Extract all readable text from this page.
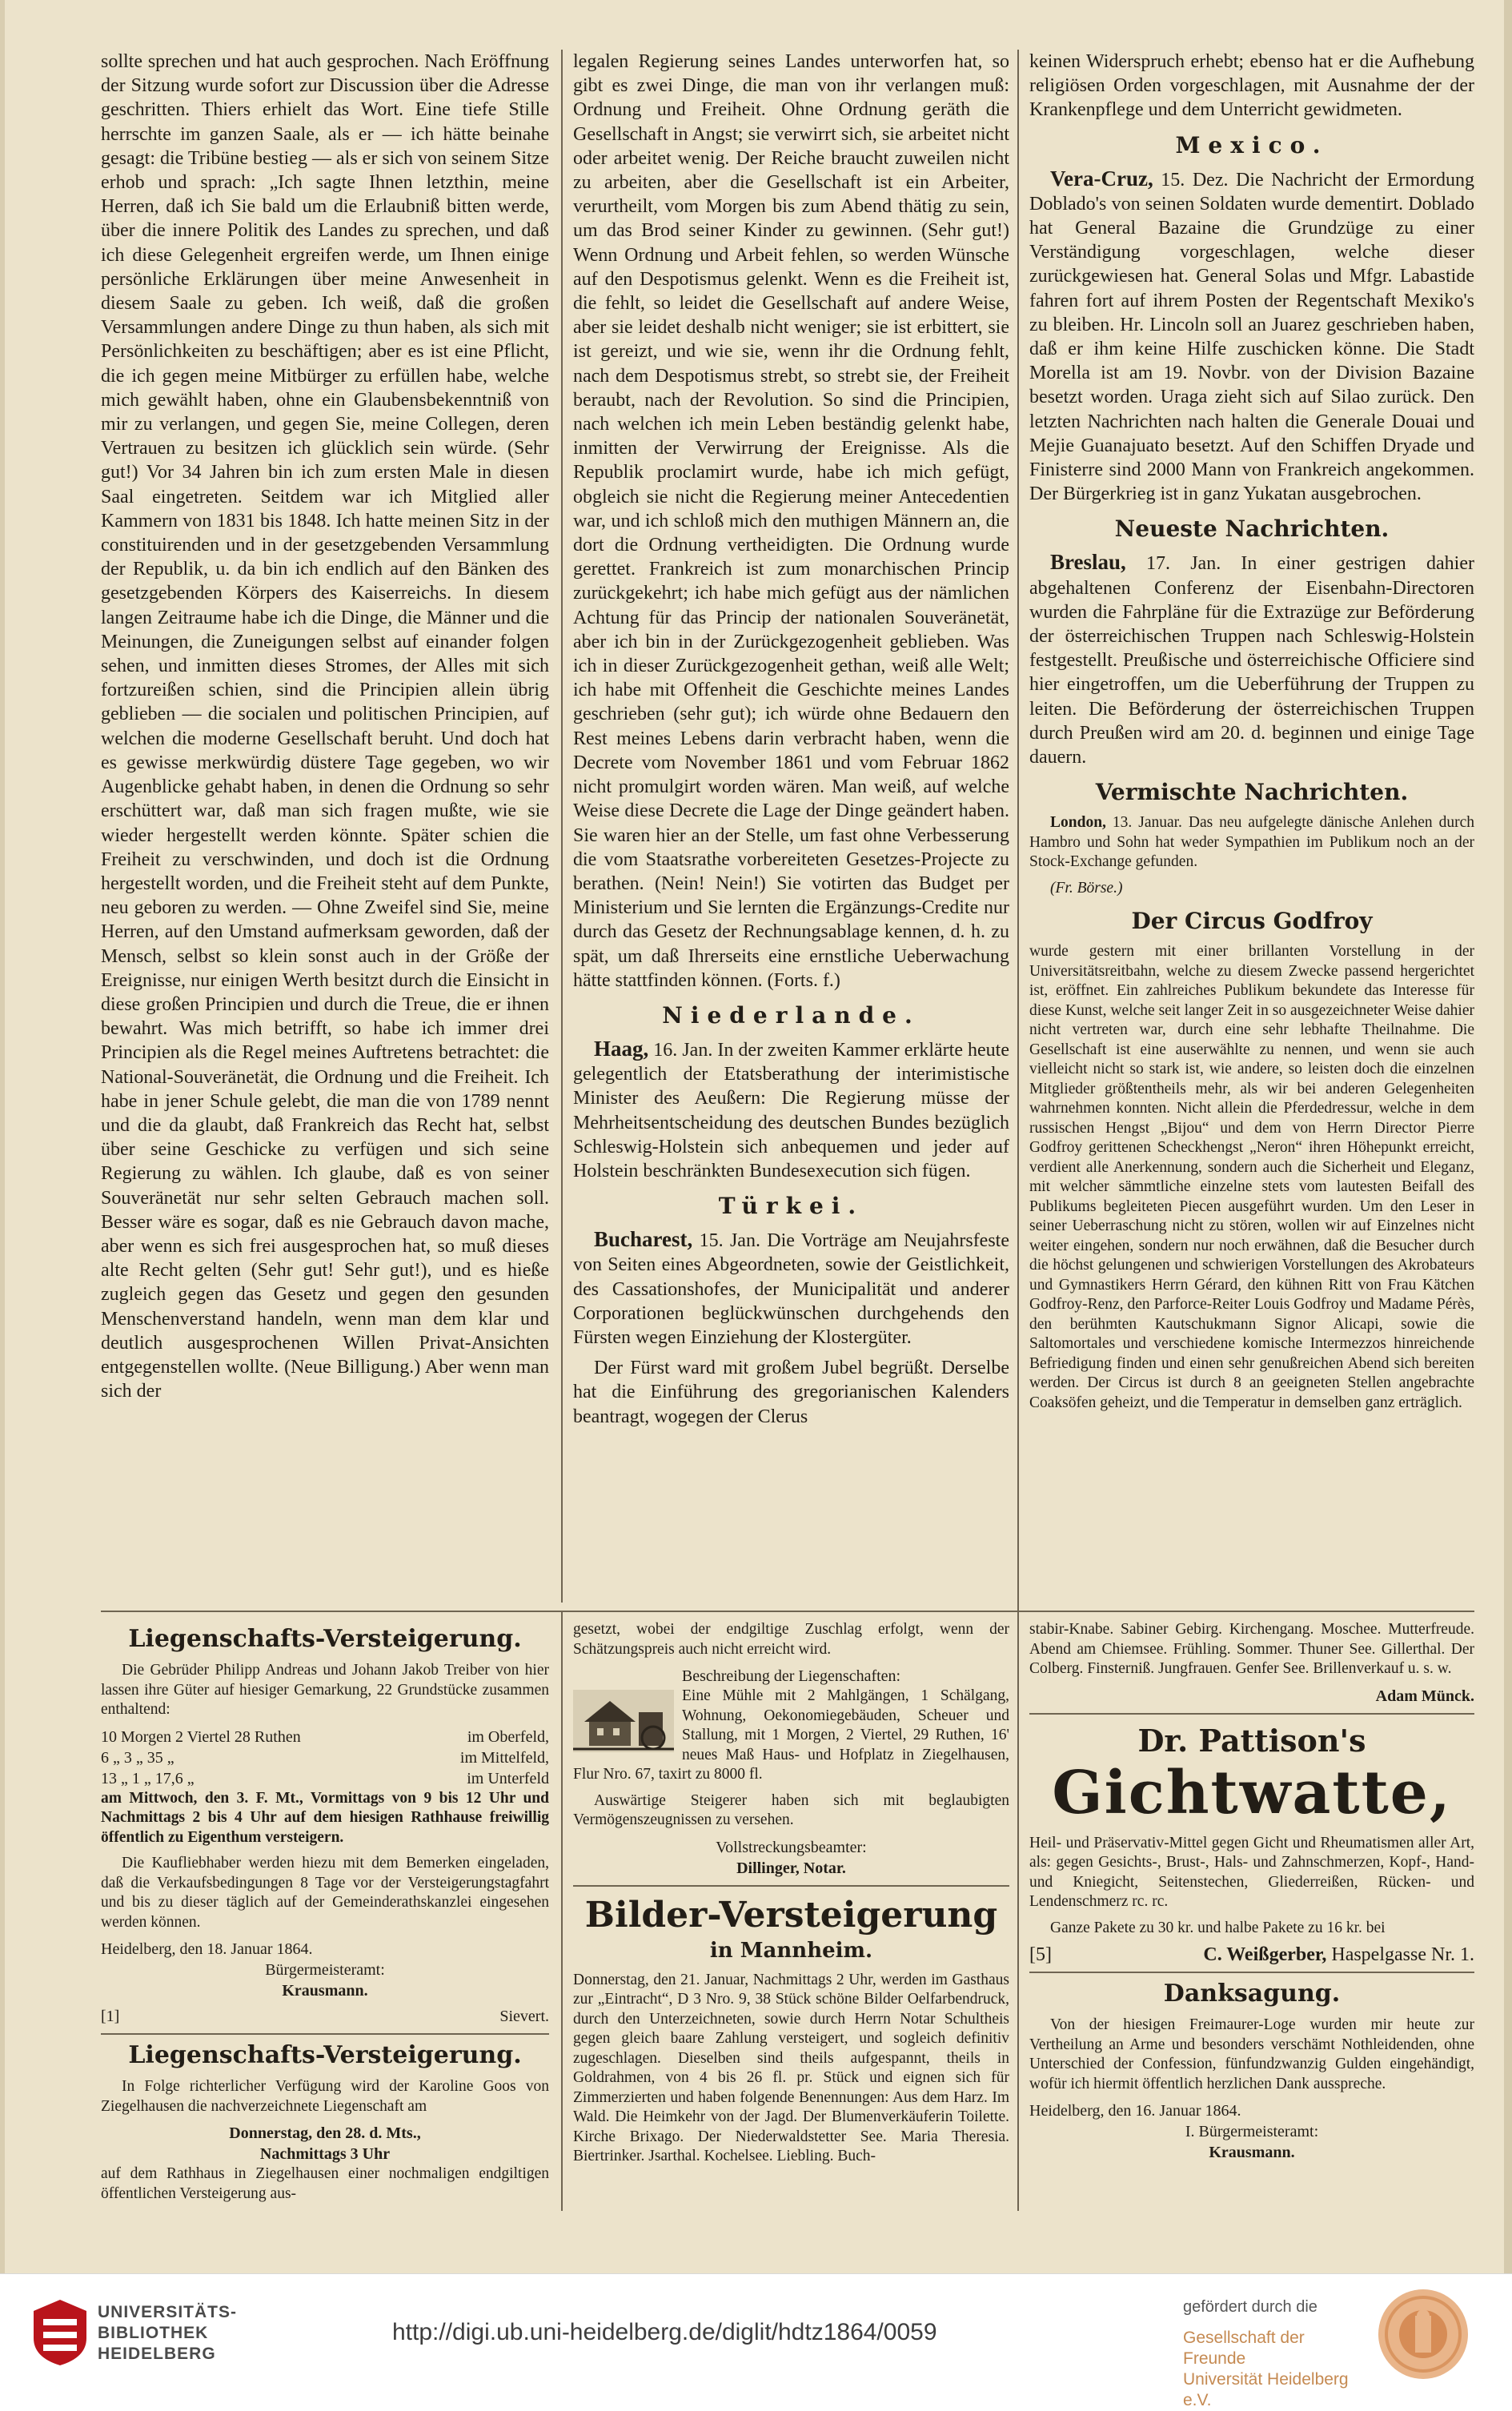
sollte sprechen und hat auch gesprochen. Nach Eröffnung der Sitzung wurde sofort zur Discussion über die Adresse geschritten. Thiers erhielt das Wort. Eine tiefe Stille herrschte im ganzen Saale, als er — ich hätte beinahe gesagt: die Tribüne bestieg — als er sich von seinem Sitze erhob und sprach: „Ich sagte Ihnen letzthin, meine Herren, daß ich Sie bald um die Erlaubniß bitten werde, über die innere Politik des Landes zu sprechen, und daß ich diese Gelegenheit ergreifen werde, um Ihnen einige persönliche Erklärungen über meine Anwesenheit in diesem Saale zu geben. Ich weiß, daß die großen Versammlungen andere Dinge zu thun haben, als sich mit Persönlichkeiten zu beschäftigen; aber es ist eine Pflicht, die ich gegen meine Mitbürger zu erfüllen habe, welche mich gewählt haben, ohne ein Glaubensbekenntniß von mir zu verlangen, und gegen Sie, meine Collegen, deren Vertrauen zu besitzen ich glücklich sein würde. (Sehr gut!) Vor 34 Jahren bin ich zum ersten Male in diesen Saal eingetreten. Seitdem war ich Mitglied aller Kammern von 1831 bis 1848. Ich hatte meinen Sitz in der constituirenden und in der gesetzgebenden Versammlung der Republik, u. da bin ich endlich auf den Bänken des gesetzgebenden Körpers des Kaiserreichs. In diesem langen Zeitraume habe ich die Dinge, die Männer und die Meinungen, die Zuneigungen selbst auf einander folgen sehen, und inmitten dieses Stromes, der Alles mit sich fortzureißen schien, sind die Principien allein übrig geblieben — die socialen und politischen Principien, auf welchen die moderne Gesellschaft beruht. Und doch hat es gewisse merkwürdig düstere Tage gegeben, wo wir Augenblicke gehabt haben, in denen die Ordnung so sehr erschüttert war, daß man sich fragen mußte, wie sie wieder hergestellt werden könnte. Später schien die Freiheit zu verschwinden, und doch ist die Ordnung hergestellt worden, und die Freiheit steht auf dem Punkte, neu geboren zu werden. — Ohne Zweifel sind Sie, meine Herren, auf den Umstand aufmerksam geworden, daß der Mensch, selbst so klein sonst auch in der Größe der Ereignisse, nur einigen Werth besitzt durch die Einsicht in diese großen Principien und durch die Treue, die er ihnen bewahrt. Was mich betrifft, so habe ich immer drei Principien als die Regel meines Auftretens betrachtet: die National-Souveränetät, die Ordnung und die Freiheit. Ich habe in jener Schule gelebt, die man die von 1789 nennt und die da glaubt, daß Frankreich das Recht hat, selbst über seine Geschicke zu verfügen und sich seine Regierung zu wählen. Ich glaube, daß es von seiner Souveränetät nur sehr selten Gebrauch machen soll. Besser wäre es sogar, daß es nie Gebrauch davon mache, aber wenn es sich frei ausgesprochen hat, so muß dieses alte Recht gelten (Sehr gut! Sehr gut!), und es hieße zugleich gegen das Gesetz und gegen den gesunden Menschenverstand handeln, wenn man dem klar und deutlich ausgesprochenen Willen Privat-Ansichten entgegenstellen wollte. (Neue Billigung.) Aber wenn man sich der

legalen Regierung seines Landes unterworfen hat, so gibt es zwei Dinge, die man von ihr verlangen muß: Ordnung und Freiheit. Ohne Ordnung geräth die Gesellschaft in Angst; sie verwirrt sich, sie arbeitet nicht oder arbeitet wenig. Der Reiche braucht zuweilen nicht zu arbeiten, aber die Gesellschaft ist ein Arbeiter, verurtheilt, vom Morgen bis zum Abend thätig zu sein, um das Brod seiner Kinder zu gewinnen. (Sehr gut!) Wenn Ordnung und Arbeit fehlen, so werden Wünsche auf den Despotismus gelenkt. Wenn es die Freiheit ist, die fehlt, so leidet die Gesellschaft auf andere Weise, aber sie leidet deshalb nicht weniger; sie ist erbittert, sie ist gereizt, und wie sie, wenn ihr die Ordnung fehlt, nach dem Despotismus strebt, so strebt sie, der Freiheit beraubt, nach der Revolution. So sind die Principien, nach welchen ich mein Leben beständig gelenkt habe, inmitten der Verwirrung der Ereignisse. Als die Republik proclamirt wurde, habe ich mich gefügt, obgleich sie nicht die Regierung meiner Antecedentien war, und ich schloß mich den muthigen Männern an, die dort die Ordnung vertheidigten. Die Ordnung wurde gerettet. Frankreich ist zum monarchischen Princip zurückgekehrt; ich habe mich gefügt aus der nämlichen Achtung für das Princip der nationalen Souveränetät, aber ich bin in der Zurückgezogenheit geblieben. Was ich in dieser Zurückgezogenheit gethan, weiß alle Welt; ich habe mit Offenheit die Geschichte meines Landes geschrieben (sehr gut); ich würde ohne Bedauern den Rest meines Lebens darin verbracht haben, wenn die Decrete vom November 1861 und vom Februar 1862 nicht promulgirt worden wären. Man weiß, auf welche Weise diese Decrete die Lage der Dinge geändert haben. Sie waren hier an der Stelle, um fast ohne Verbesserung die vom Staatsrathe vorbereiteten Gesetzes-Projecte zu berathen. (Nein! Nein!) Sie votirten das Budget per Ministerium und Sie lernten die Ergänzungs-Credite nur durch das Gesetz der Rechnungsablage kennen, d. h. zu spät, um daß Ihrerseits eine ernstliche Ueberwachung hätte stattfinden können. (Forts. f.)

Niederlande.

Haag, 16. Jan. In der zweiten Kammer erklärte heute gelegentlich der Etatsberathung der interimistische Minister des Aeußern: Die Regierung müsse der Mehrheitsentscheidung des deutschen Bundes bezüglich Schleswig-Holstein sich anbequemen und jeder auf Holstein beschränkten Bundesexecution sich fügen.

Türkei.

Bucharest, 15. Jan. Die Vorträge am Neujahrsfeste von Seiten eines Abgeordneten, sowie der Geistlichkeit, des Cassationshofes, der Municipalität und anderer Corporationen beglückwünschen durchgehends den Fürsten wegen Einziehung der Klostergüter.

Der Fürst ward mit großem Jubel begrüßt. Derselbe hat die Einführung des gregorianischen Kalenders beantragt, wogegen der Clerus

keinen Widerspruch erhebt; ebenso hat er die Aufhebung religiösen Orden vorgeschlagen, mit Ausnahme der der Krankenpflege und dem Unterricht gewidmeten.

Mexico.

Vera-Cruz, 15. Dez. Die Nachricht der Ermordung Doblado's von seinen Soldaten wurde dementirt. Doblado hat General Bazaine die Grundzüge zu einer Verständigung vorgeschlagen, welche dieser zurückgewiesen hat. General Solas und Mfgr. Labastide fahren fort auf ihrem Posten der Regentschaft Mexiko's zu bleiben. Hr. Lincoln soll an Juarez geschrieben haben, daß er ihm keine Hilfe zuschicken könne. Die Stadt Morella ist am 19. Novbr. von der Division Bazaine besetzt worden. Uraga zieht sich auf Silao zurück. Den letzten Nachrichten nach halten die Generale Douai und Mejie Guanajuato besetzt. Auf den Schiffen Dryade und Finisterre sind 2000 Mann von Frankreich angekommen. Der Bürgerkrieg ist in ganz Yukatan ausgebrochen.

Neueste Nachrichten.

Breslau, 17. Jan. In einer gestrigen dahier abgehaltenen Conferenz der Eisenbahn-Directoren wurden die Fahrpläne für die Extrazüge zur Beförderung der österreichischen Truppen nach Schleswig-Holstein festgestellt. Preußische und österreichische Officiere sind hier eingetroffen, um die Ueberführung der Truppen zu leiten. Die Beförderung der österreichischen Truppen durch Preußen wird am 20. d. beginnen und einige Tage dauern.

Vermischte Nachrichten.

London, 13. Januar. Das neu aufgelegte dänische Anlehen durch Hambro und Sohn hat weder Sympathien im Publikum noch an der Stock-Exchange gefunden.

(Fr. Börse.)

Der Circus Godfroy

wurde gestern mit einer brillanten Vorstellung in der Universitätsreitbahn, welche zu diesem Zwecke passend hergerichtet ist, eröffnet. Ein zahlreiches Publikum bekundete das Interesse für diese Kunst, welche seit langer Zeit in so ausgezeichneter Weise dahier nicht vertreten war, durch eine sehr lebhafte Theilnahme. Die Gesellschaft ist eine auserwählte zu nennen, und wenn sie auch vielleicht nicht so stark ist, wie andere, so leisten doch die einzelnen Mitglieder größtentheils mehr, als wir bei anderen Gelegenheiten wahrnehmen konnten. Nicht allein die Pferdedressur, welche in dem russischen Hengst „Bijou“ und dem von Herrn Director Pierre Godfroy gerittenen Scheckhengst „Neron“ ihren Höhepunkt erreicht, verdient alle Anerkennung, sondern auch die Sicherheit und Eleganz, mit welcher sämmtliche einzelne stets vom lautesten Beifall des Publikums begleiteten Piecen ausgeführt wurden. Um den Leser in seiner Ueberraschung nicht zu stören, wollen wir auf Einzelnes nicht weiter eingehen, sondern nur noch erwähnen, daß die Besucher durch die höchst gelungenen und schwierigen Vorstellungen des Akrobateurs und Gymnastikers Herrn Gérard, den kühnen Ritt von Frau Kätchen Godfroy-Renz, den Parforce-Reiter Louis Godfroy und Madame Pérès, den berühmten Kautschukmann Signor Alicapi, sowie die Saltomortales und verschiedene komische Intermezzos hinreichende Befriedigung finden und einen sehr genußreichen Abend sich bereiten werden. Der Circus ist durch 8 an geeigneten Stellen angebrachte Coaksöfen geheizt, und die Temperatur in demselben ganz erträglich.

Liegenschafts-Versteigerung.

Die Gebrüder Philipp Andreas und Johann Jakob Treiber von hier lassen ihre Güter auf hiesiger Gemarkung, 22 Grundstücke zusammen enthaltend:

10 Morgen 2 Viertel 28 Ruthen	im Oberfeld,
6 „ 3 „ 35 „	im Mittelfeld,
13 „ 1 „ 17,6 „	im Unterfeld

am Mittwoch, den 3. F. Mt., Vormittags von 9 bis 12 Uhr und Nachmittags 2 bis 4 Uhr auf dem hiesigen Rathhause freiwillig öffentlich zu Eigenthum versteigern.

Die Kaufliebhaber werden hiezu mit dem Bemerken eingeladen, daß die Verkaufsbedingungen 8 Tage vor der Versteigerungstagfahrt und bis zu dieser täglich auf der Gemeinderathskanzlei eingesehen werden können.

Heidelberg, den 18. Januar 1864.
Bürgermeisteramt:
Krausmann.
[1]	Sievert.
Liegenschafts-Versteigerung.

In Folge richterlicher Verfügung wird der Karoline Goos von Ziegelhausen die nachverzeichnete Liegenschaft am

Donnerstag, den 28. d. Mts.,
Nachmittags 3 Uhr

auf dem Rathhaus in Ziegelhausen einer nochmaligen endgiltigen öffentlichen Versteigerung aus-

gesetzt, wobei der endgiltige Zuschlag erfolgt, wenn der Schätzungspreis auch nicht erreicht wird.

Beschreibung der Liegenschaften:

Eine Mühle mit 2 Mahlgängen, 1 Schälgang, Wohnung, Oekonomiegebäuden, Scheuer und Stallung, mit 1 Morgen, 2 Viertel, 29 Ruthen, 16' neues Maß Haus- und Hofplatz in Ziegelhausen, Flur Nro. 67, taxirt zu 8000 fl.

Auswärtige Steigerer haben sich mit beglaubigten Vermögenszeugnissen zu versehen.

Vollstreckungsbeamter:
Dillinger, Notar.
Bilder-Versteigerung
in Mannheim.

Donnerstag, den 21. Januar, Nachmittags 2 Uhr, werden im Gasthaus zur „Eintracht“, D 3 Nro. 9, 38 Stück schöne Bilder Oelfarbendruck, durch den Unterzeichneten, sowie durch Herrn Notar Schultheis gegen gleich baare Zahlung versteigert, und sogleich definitiv zugeschlagen. Dieselben sind theils aufgespannt, theils in Goldrahmen, von 4 bis 26 fl. pr. Stück und eignen sich für Zimmerzierten und haben folgende Benennungen: Aus dem Harz. Im Wald. Die Heimkehr von der Jagd. Der Blumenverkäuferin Toilette. Kirche Brixago. Der Niederwaldstetter See. Maria Theresia. Biertrinker. Jsarthal. Kochelsee. Liebling. Buch-

stabir-Knabe. Sabiner Gebirg. Kirchengang. Moschee. Mutterfreude. Abend am Chiemsee. Frühling. Sommer. Thuner See. Gillerthal. Der Colberg. Finsterniß. Jungfrauen. Genfer See. Brillenverkauf u. s. w.

Adam Münck.
Dr. Pattison's
Gichtwatte,

Heil- und Präservativ-Mittel gegen Gicht und Rheumatismen aller Art, als: gegen Gesichts-, Brust-, Hals- und Zahnschmerzen, Kopf-, Hand- und Kniegicht, Seitenstechen, Gliederreißen, Rücken- und Lendenschmerz rc. rc.

Ganze Pakete zu 30 kr. und halbe Pakete zu 16 kr. bei

[5]	C. Weißgerber, Haspelgasse Nr. 1.
Danksagung.

Von der hiesigen Freimaurer-Loge wurden mir heute zur Vertheilung an Arme und besonders verschämt Nothleidenden, ohne Unterschied der Confession, fünfundzwanzig Gulden eingehändigt, wofür ich hiermit öffentlich herzlichen Dank ausspreche.

Heidelberg, den 16. Januar 1864.
I. Bürgermeisteramt:
Krausmann.
UNIVERSITÄTS-
BIBLIOTHEK
HEIDELBERG
http://digi.ub.uni-heidelberg.de/diglit/hdtz1864/0059
gefördert durch die
Gesellschaft der Freunde
Universität Heidelberg e.V.
